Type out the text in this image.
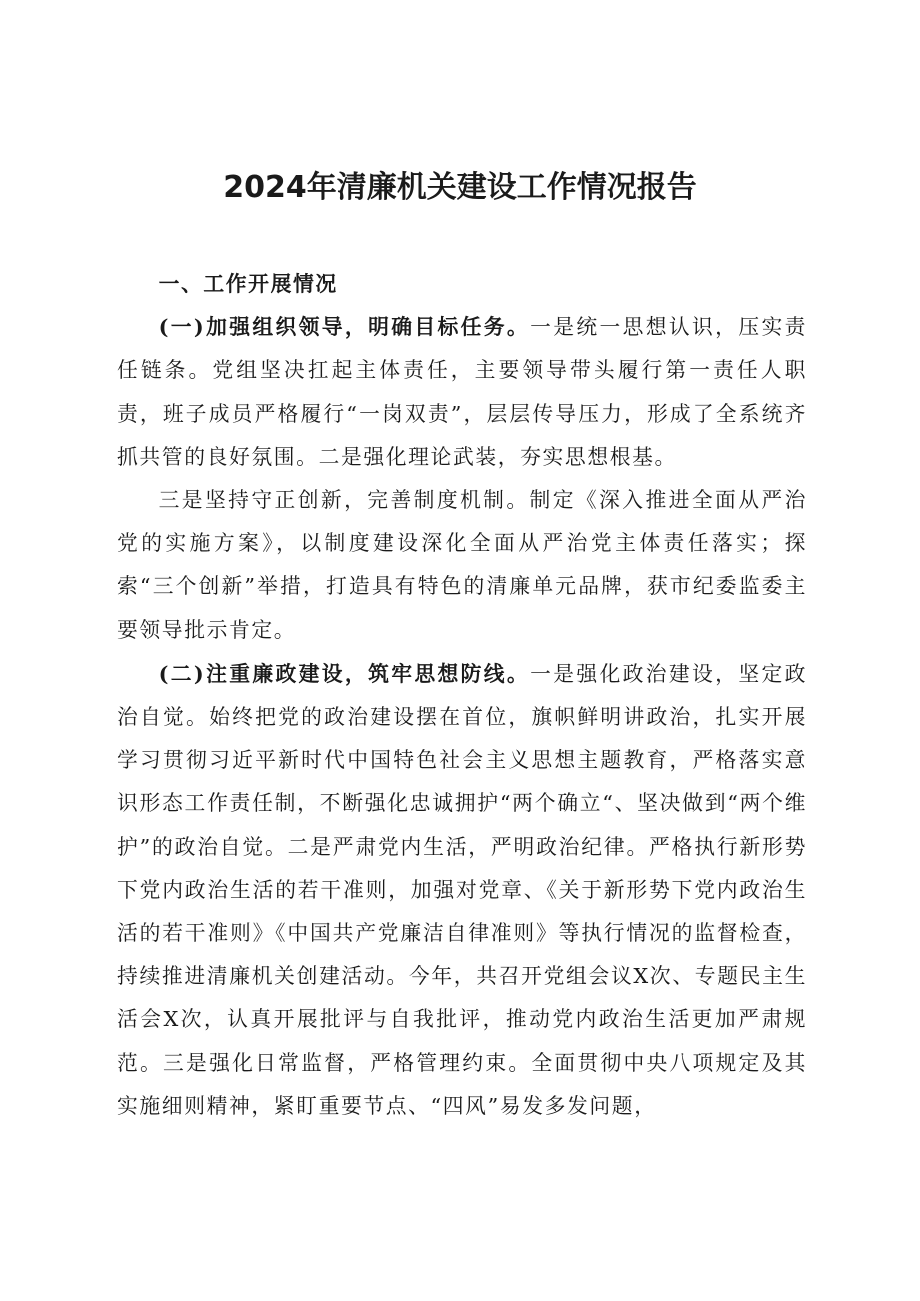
2024年清廉机关建设工作情况报告

一、工作开展情况

(一)加强组织领导，明确目标任务。一是统一思想认识，压实责任链条。党组坚决扛起主体责任，主要领导带头履行第一责任人职责，班子成员严格履行“一岗双责”，层层传导压力，形成了全系统齐抓共管的良好氛围。二是强化理论武装，夯实思想根基。

三是坚持守正创新，完善制度机制。制定《深入推进全面从严治党的实施方案》，以制度建设深化全面从严治党主体责任落实；探索“三个创新”举措，打造具有特色的清廉单元品牌，获市纪委监委主要领导批示肯定。

(二)注重廉政建设，筑牢思想防线。一是强化政治建设，坚定政治自觉。始终把党的政治建设摆在首位，旗帜鲜明讲政治，扎实开展学习贯彻习近平新时代中国特色社会主义思想主题教育，严格落实意识形态工作责任制，不断强化忠诚拥护“两个确立“、坚决做到“两个维护”的政治自觉。二是严肃党内生活，严明政治纪律。严格执行新形势下党内政治生活的若干准则，加强对党章、《关于新形势下党内政治生活的若干准则》《中国共产党廉洁自律准则》等执行情况的监督检查，持续推进清廉机关创建活动。今年，共召开党组会议X次、专题民主生活会X次，认真开展批评与自我批评，推动党内政治生活更加严肃规范。三是强化日常监督，严格管理约束。全面贯彻中央八项规定及其实施细则精神，紧盯重要节点、“四风”易发多发问题，
